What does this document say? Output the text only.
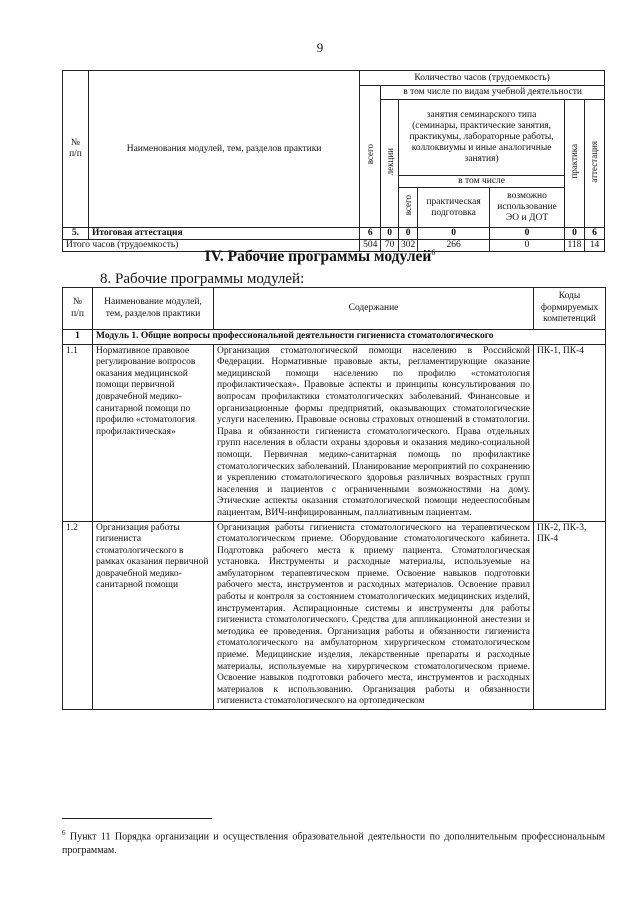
9
№
п/п	Наименования модулей, тем, разделов практики	Количество часов (трудоемкость)						
		всего	в том числе по видам учебной деятельности					
			лекции	занятия семинарского типа (семинары, практические занятия, практикумы, лабораторные работы, коллоквиумы и иные аналогичные занятия)			практика	аттестация
				в том числе				
				всего	практическая подготовка	возможно использование ЭО и ДОТ		
5.	Итоговая аттестация	6	0	0	0	0	0	6
Итого часов (трудоемкость)		504	70	302	266	0	118	14
IV. Рабочие программы модулей$^6$
8. Рабочие программы модулей:
№
п/п	Наименование модулей, тем, разделов практики	Содержание	Коды формируемых компетенций
1	Модуль 1. Общие вопросы профессиональной деятельности гигиениста стоматологического		
1.1	Нормативное правовое регулирование вопросов оказания медицинской помощи первичной доврачебной медико-санитарной помощи по профилю «стоматология профилактическая»	Организация стоматологической помощи населению в Российской Федерации. Нормативные правовые акты, регламентирующие оказание медицинской помощи населению по профилю «стоматология профилактическая». Правовые аспекты и принципы консультирования по вопросам профилактики стоматологических заболеваний. Финансовые и организационные формы предприятий, оказывающих стоматологические услуги населению. Правовые основы страховых отношений в стоматологии. Права и обязанности гигиениста стоматологического. Права отдельных групп населения в области охраны здоровья и оказания медико-социальной помощи. Первичная медико-санитарная помощь по профилактике стоматологических заболеваний. Планирование мероприятий по сохранению и укреплению стоматологического здоровья различных возрастных групп населения и пациентов с ограниченными возможностями на дому. Этические аспекты оказания стоматологической помощи недееспособным пациентам, ВИЧ-инфицированным, паллиативным пациентам.	ПК-1, ПК-4
1.2	Организация работы гигиениста стоматологического в рамках оказания первичной доврачебной медико-санитарной помощи	Организация работы гигиениста стоматологического на терапевтическом стоматологическом приеме. Оборудование стоматологического кабинета. Подготовка рабочего места к приему пациента. Стоматологическая установка. Инструменты и расходные материалы, используемые на амбулаторном терапевтическом приеме. Освоение навыков подготовки рабочего места, инструментов и расходных материалов. Освоение правил работы и контроля за состоянием стоматологических медицинских изделий, инструментария. Аспирационные системы и инструменты для работы гигиениста стоматологического. Средства для аппликационной анестезии и методика ее проведения. Организация работы и обязанности гигиениста стоматологического на амбулаторном хирургическом стоматологическом приеме. Медицинские изделия, лекарственные препараты и расходные материалы, используемые на хирургическом стоматологическом приеме. Освоение навыков подготовки рабочего места, инструментов и расходных материалов к использованию. Организация работы и обязанности гигиениста стоматологического на ортопедическом	ПК-2, ПК-3, ПК-4
$^6$ Пункт 11 Порядка организации и осуществления образовательной деятельности по дополнительным профессиональным программам.
